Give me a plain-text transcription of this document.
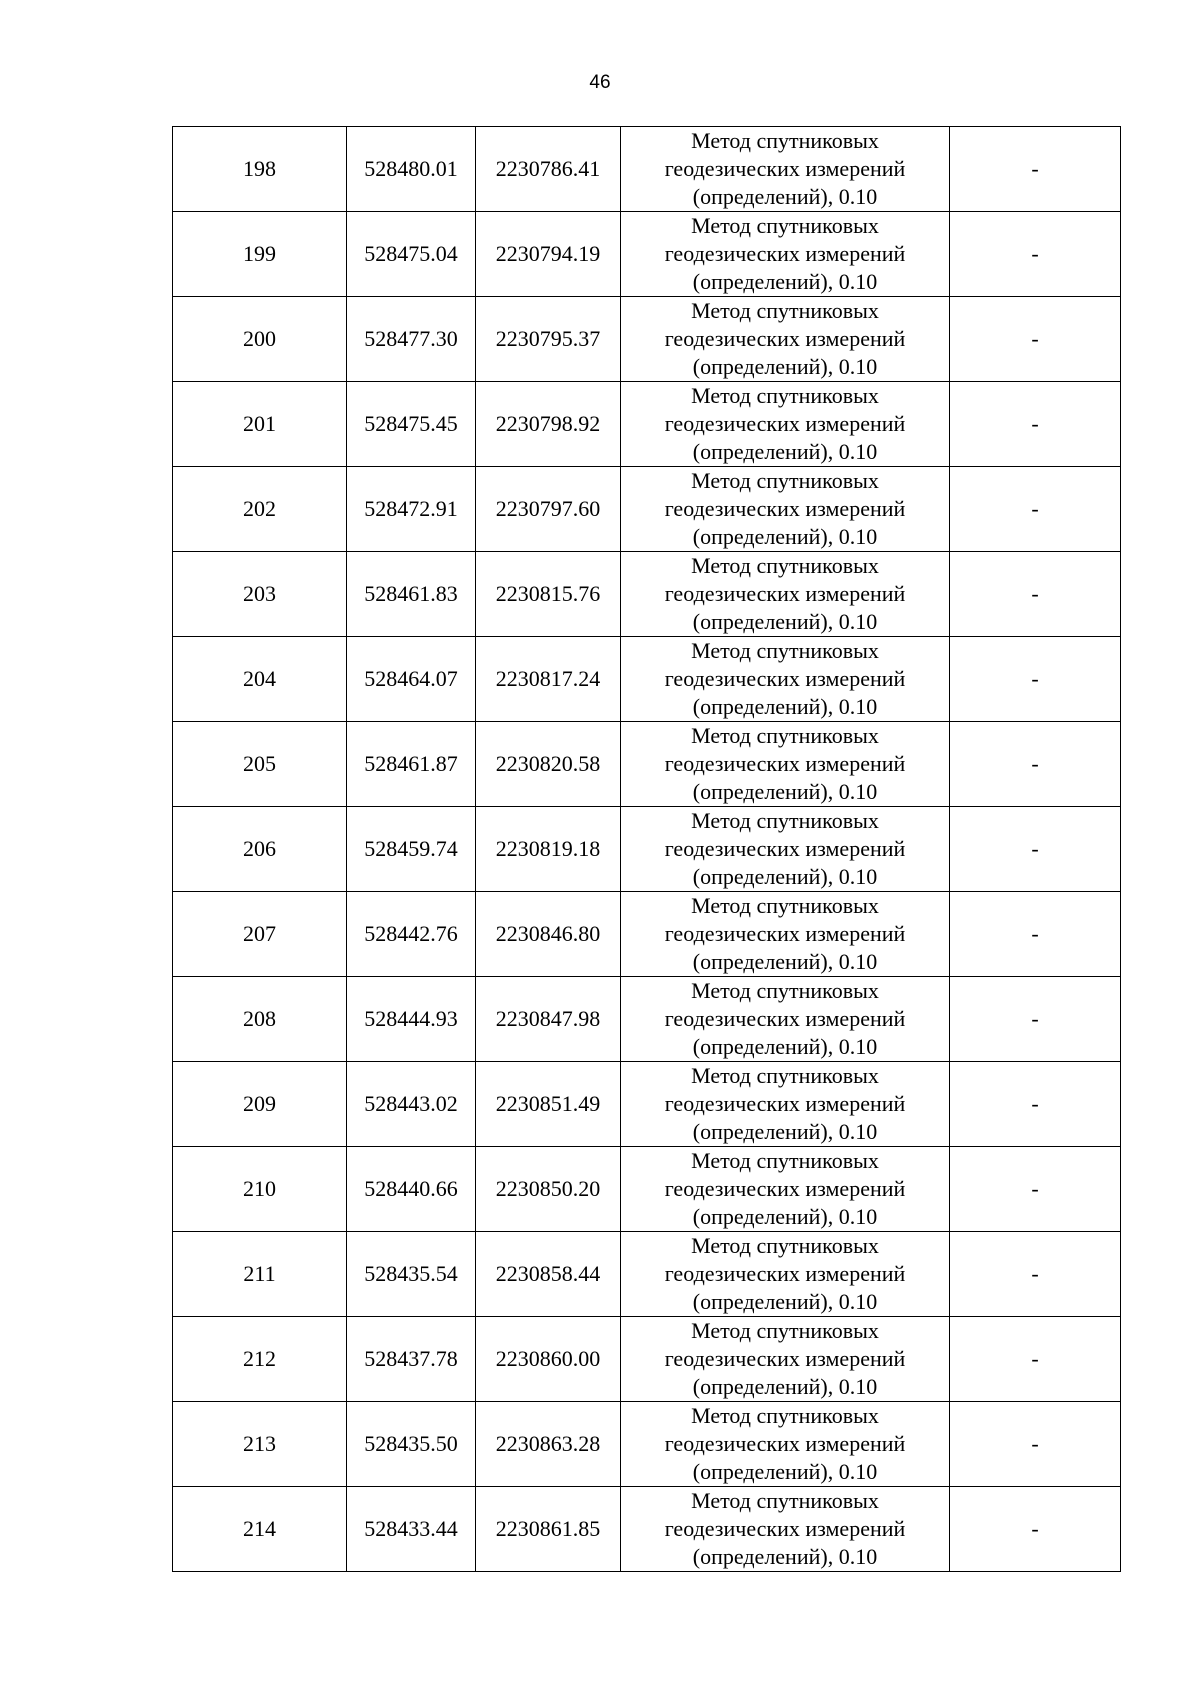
46
198	528480.01	2230786.41	Метод спутниковых
геодезических измерений
(определений), 0.10	-
199	528475.04	2230794.19	Метод спутниковых
геодезических измерений
(определений), 0.10	-
200	528477.30	2230795.37	Метод спутниковых
геодезических измерений
(определений), 0.10	-
201	528475.45	2230798.92	Метод спутниковых
геодезических измерений
(определений), 0.10	-
202	528472.91	2230797.60	Метод спутниковых
геодезических измерений
(определений), 0.10	-
203	528461.83	2230815.76	Метод спутниковых
геодезических измерений
(определений), 0.10	-
204	528464.07	2230817.24	Метод спутниковых
геодезических измерений
(определений), 0.10	-
205	528461.87	2230820.58	Метод спутниковых
геодезических измерений
(определений), 0.10	-
206	528459.74	2230819.18	Метод спутниковых
геодезических измерений
(определений), 0.10	-
207	528442.76	2230846.80	Метод спутниковых
геодезических измерений
(определений), 0.10	-
208	528444.93	2230847.98	Метод спутниковых
геодезических измерений
(определений), 0.10	-
209	528443.02	2230851.49	Метод спутниковых
геодезических измерений
(определений), 0.10	-
210	528440.66	2230850.20	Метод спутниковых
геодезических измерений
(определений), 0.10	-
211	528435.54	2230858.44	Метод спутниковых
геодезических измерений
(определений), 0.10	-
212	528437.78	2230860.00	Метод спутниковых
геодезических измерений
(определений), 0.10	-
213	528435.50	2230863.28	Метод спутниковых
геодезических измерений
(определений), 0.10	-
214	528433.44	2230861.85	Метод спутниковых
геодезических измерений
(определений), 0.10	-
